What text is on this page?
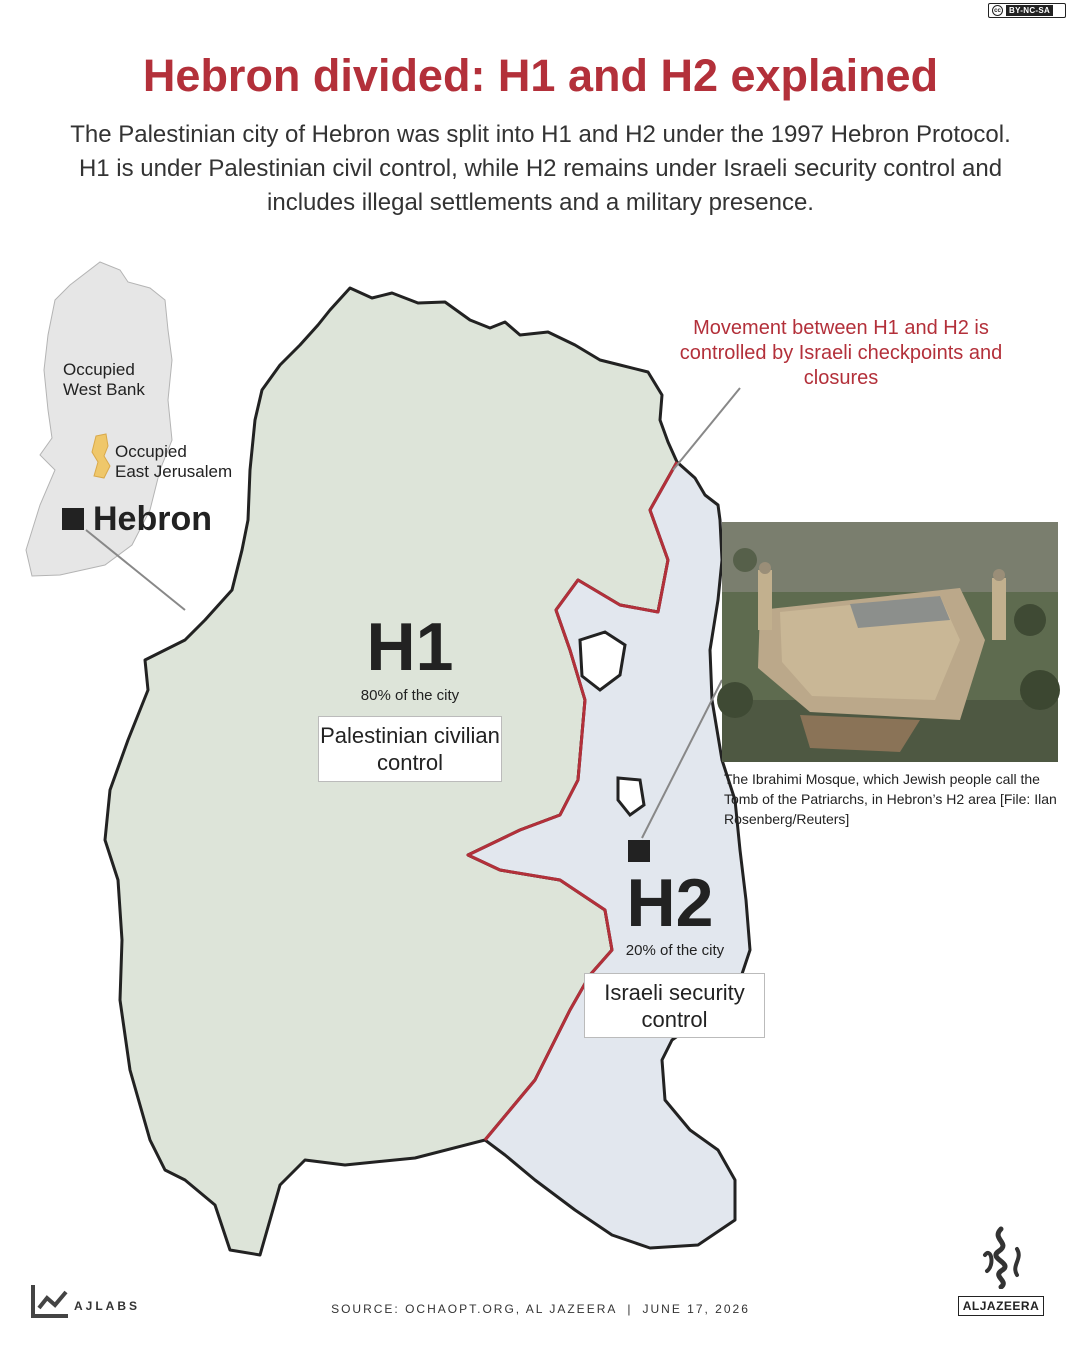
cc	BY-NC-SA
Hebron divided: H1 and H2 explained

The Palestinian city of Hebron was split into H1 and H2 under the 1997 Hebron Protocol. H1 is under Palestinian civil control, while H2 remains under Israeli security control and includes illegal settlements and a military presence.

Occupied
West Bank
Occupied
East Jerusalem
Hebron
Movement between H1 and H2 is controlled by Israeli checkpoints and closures
H1
80% of the city
Palestinian civilian control
H2
20% of the city
Israeli security control
The Ibrahimi Mosque, which Jewish people call the Tomb of the Patriarchs, in Hebron’s H2 area [File: Ilan Rosenberg/Reuters]
AJLABS	SOURCE: OCHAOPT.ORG, AL JAZEERA | JUNE 17, 2026	ALJAZEERA
